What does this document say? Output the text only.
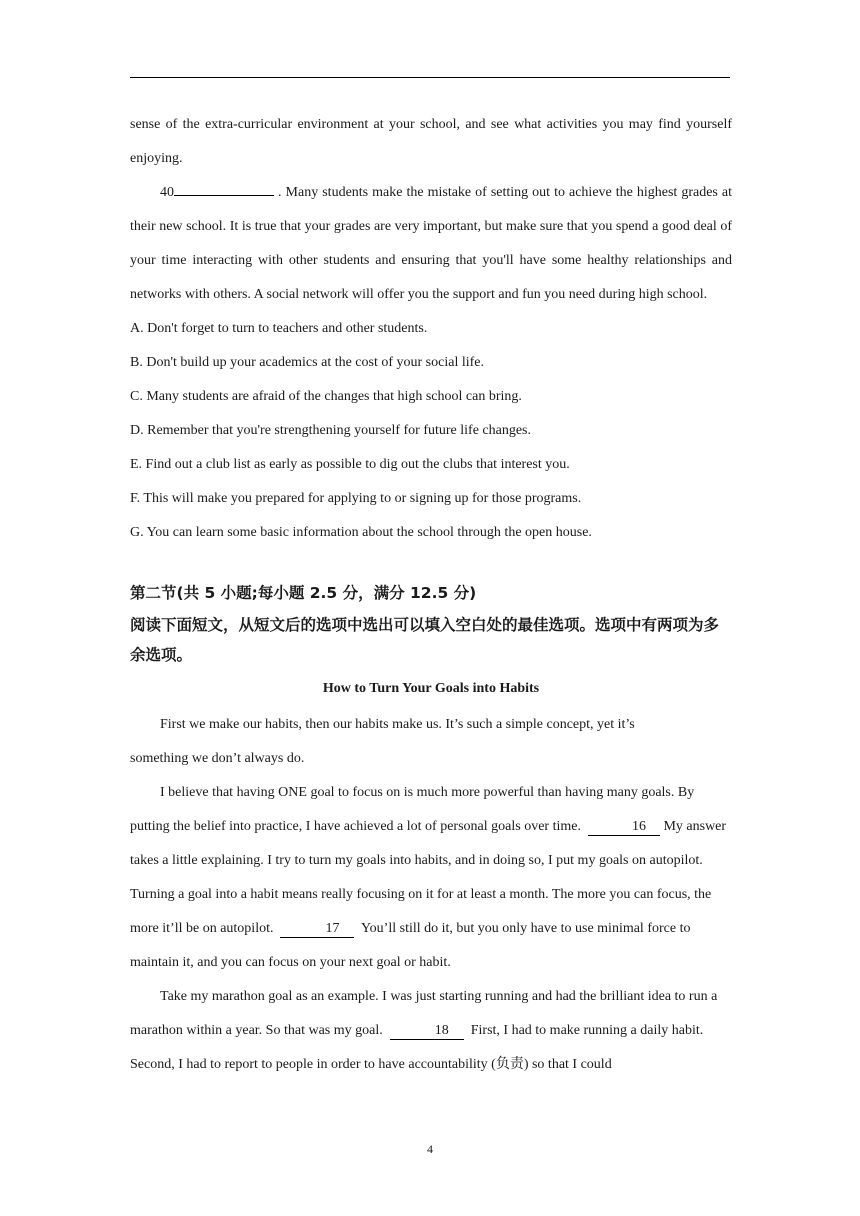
sense of the extra-curricular environment at your school, and see what activities you may find yourself enjoying.

40	. Many students make the mistake of setting out to achieve the highest grades at their new school. It is true that your grades are very important, but make sure that you spend a good deal of your time interacting with other students and ensuring that you'll have some healthy relationships and networks with others. A social network will offer you the support and fun you need during high school.

A. Don't forget to turn to teachers and other students.

B. Don't build up your academics at the cost of your social life.

C. Many students are afraid of the changes that high school can bring.

D. Remember that you're strengthening yourself for future life changes.

E. Find out a club list as early as possible to dig out the clubs that interest you.

F. This will make you prepared for applying to or signing up for those programs.

G. You can learn some basic information about the school through the open house.

第二节(共 5 小题;每小题 2.5 分，满分 12.5 分)

阅读下面短文，从短文后的选项中选出可以填入空白处的最佳选项。选项中有两项为多余选项。

How to Turn Your Goals into Habits

First we make our habits, then our habits make us. It’s such a simple concept, yet it’s something we don’t always do.

I believe that having ONE goal to focus on is much more powerful than having many goals. By putting the belief into practice, I have achieved a lot of personal goals over time.	16 My answer takes a little explaining. I try to turn my goals into habits, and in doing so, I put my goals on autopilot. Turning a goal into a habit means really focusing on it for at least a month. The more you can focus, the more it’ll be on autopilot.	17 You’ll still do it, but you only have to use minimal force to maintain it, and you can focus on your next goal or habit.

Take my marathon goal as an example. I was just starting running and had the brilliant idea to run a marathon within a year. So that was my goal.	18 First, I had to make running a daily habit. Second, I had to report to people in order to have accountability (负责) so that I could

4
